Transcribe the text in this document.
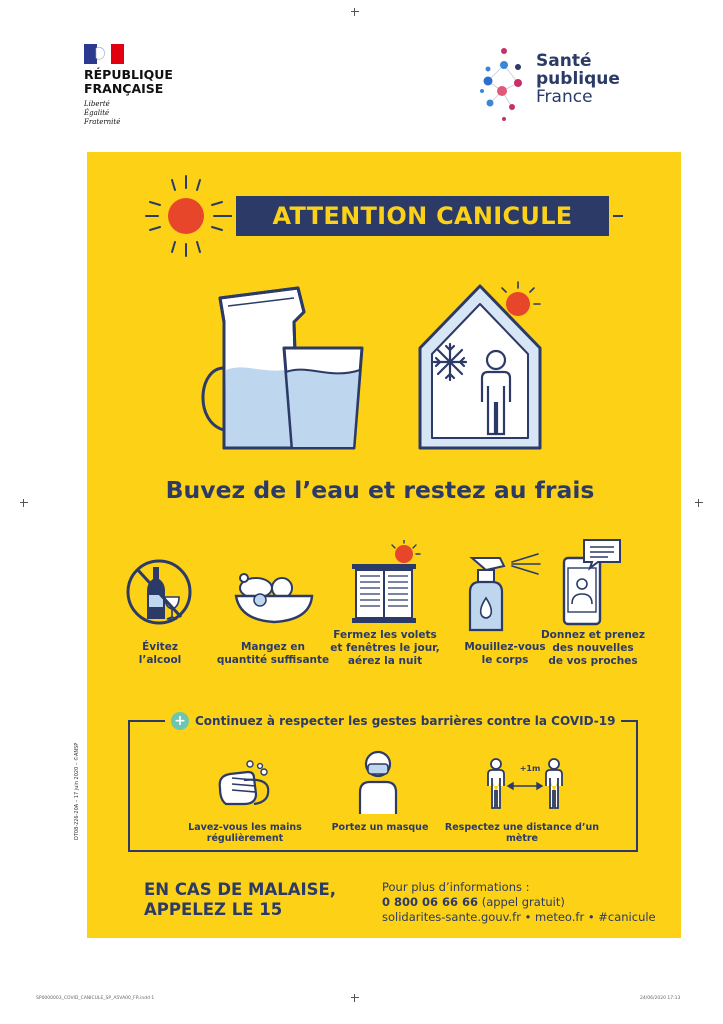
RÉPUBLIQUE
FRANÇAISE
Liberté
Égalité
Fraternité
Santé
publique
France
ATTENTION CANICULE
Buvez de l’eau et restez au frais
Évitez
l’alcool
Mangez en
quantité suffisante
Fermez les volets
et fenêtres le jour,
aérez la nuit
Mouillez-vous
le corps
Donnez et prenez
des nouvelles
de vos proches
+ Continuez à respecter les gestes barrières contre la COVID-19
+1m
Lavez-vous les mains régulièrement
Portez un masque	Respectez une distance d’un mètre
EN CAS DE MALAISE,
APPELEZ LE 15
Pour plus d’informations :
0 800 06 66 66 (appel gratuit)
solidarites-sante.gouv.fr • meteo.fr • #canicule
DT08-226-20A – 17 juin 2020 – ©ANSP
SP0000003_COVID_CANICULE_SP_A5VA00_FR.indd 1	24/06/2020 17:13
